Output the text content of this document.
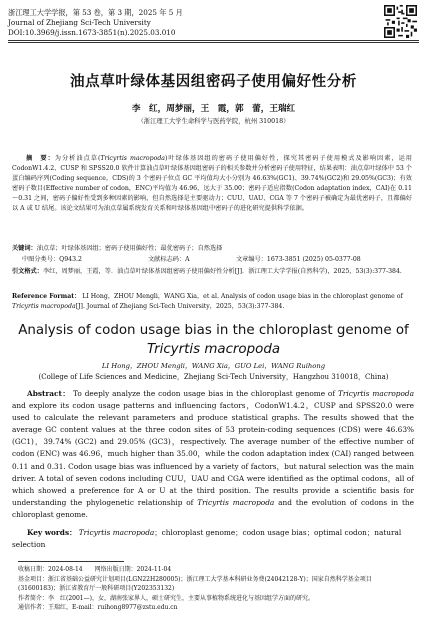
浙江理工大学学报，第 53 卷，第 3 期，2025 年 5 月
Journal of Zhejiang Sci-Tech University
DOI:10.3969/j.issn.1673-3851(n).2025.03.010
油点草叶绿体基因组密码子使用偏好性分析
李　红，周梦丽，王　霞，郭　蕾，王瑞红
（浙江理工大学生命科学与医药学院，杭州 310018）
摘　要：为分析油点草(Tricyrtis macropoda)叶绿体基因组的密码子使用偏好性，探究其密码子使用模式及影响因素，运用 CodonW1.4.2、CUSP 和 SPSS20.0 软件计算油点草叶绿体基因组密码子的相关参数并分析密码子使用特征，结果表明：油点草叶绿体中 53 个蛋白编码序列(Coding sequence，CDS)的 3 个密码子位点 GC 平均值均大小分别为 46.63%(GC1)、39.74%(GC2)和 29.05%(GC3)；有效密码子数目(Effective number of codon，ENC)平均值为 46.96，远大于 35.00；密码子适应指数(Codon adaptation index，CAI)在 0.11～0.31 之间，密码子偏好性受到多种因素的影响，但自然选择是主要驱动力；CUU、UAU、CGA 等 7 个密码子被确定为最优密码子，且都偏好以 A 或 U 结尾。该论文结果可为油点草属系统发育关系和叶绿体基因组中密码子的进化研究提供科学依据。
关键词：油点草；叶绿体基因组；密码子使用偏好性；最优密码子；自然选择
中图分类号：Q943.2	文献标志码：A	文章编号：1673-3851 (2025) 05-0377-08
引文格式：李红，周梦丽，王霞，等．油点草叶绿体基因组密码子使用偏好性分析[J]．浙江理工大学学报(自然科学)，2025，53(3):377-384.
Reference Format： LI Hong，ZHOU Mengli，WANG Xia，et al. Analysis of codon usage bias in the chloroplast genome of Tricyrtis macropoda[J]. Journal of Zhejiang Sci-Tech University，2025，53(3):377-384.
Analysis of codon usage bias in the chloroplast genome of
Tricyrtis macropoda
LI Hong，ZHOU Mengli，WANG Xia，GUO Lei，WANG Ruihong
(College of Life Sciences and Medicine，Zhejiang Sci-Tech University，Hangzhou 310018，China)
Abstract： To deeply analyze the codon usage bias in the chloroplast genome of Tricyrtis macropoda and explore its codon usage patterns and influencing factors，CodonW1.4.2，CUSP and SPSS20.0 were used to calculate the relevant parameters and produce statistical graphs. The results showed that the average GC content values at the three codon sites of 53 protein-coding sequences (CDS) were 46.63% (GC1)，39.74% (GC2) and 29.05% (GC3)，respectively. The average number of the effective number of codon (ENC) was 46.96，much higher than 35.00，while the codon adaptation index (CAI) ranged between 0.11 and 0.31. Codon usage bias was influenced by a variety of factors，but natural selection was the main driver. A total of seven codons including CUU，UAU and CGA were identified as the optimal codons，all of which showed a preference for A or U at the third position. The results provide a scientific basis for understanding the phylogenetic relationship of Tricyrtis macropoda and the evolution of codons in the chloroplast genome.
Key words： Tricyrtis macropoda；chloroplast genome；codon usage bias；optimal codon；natural selection
收稿日期：2024-08-14　　网络出版日期：2024-11-04
基金项目：浙江省基础公益研究计划项目(LGN22H280005)；浙江理工大学基本科研业务费(24042128-Y)；国家自然科学基金项目
(31600183)；浙江省教育厅一般科研项目(Y202353132)
作者简介：李　红(2001—)，女，湖南张家界人，硕士研究生，主要从事植物系统进化与基因组学方面的研究。
通信作者：王瑞红，E-mail：ruihong8977@zstu.edu.cn
